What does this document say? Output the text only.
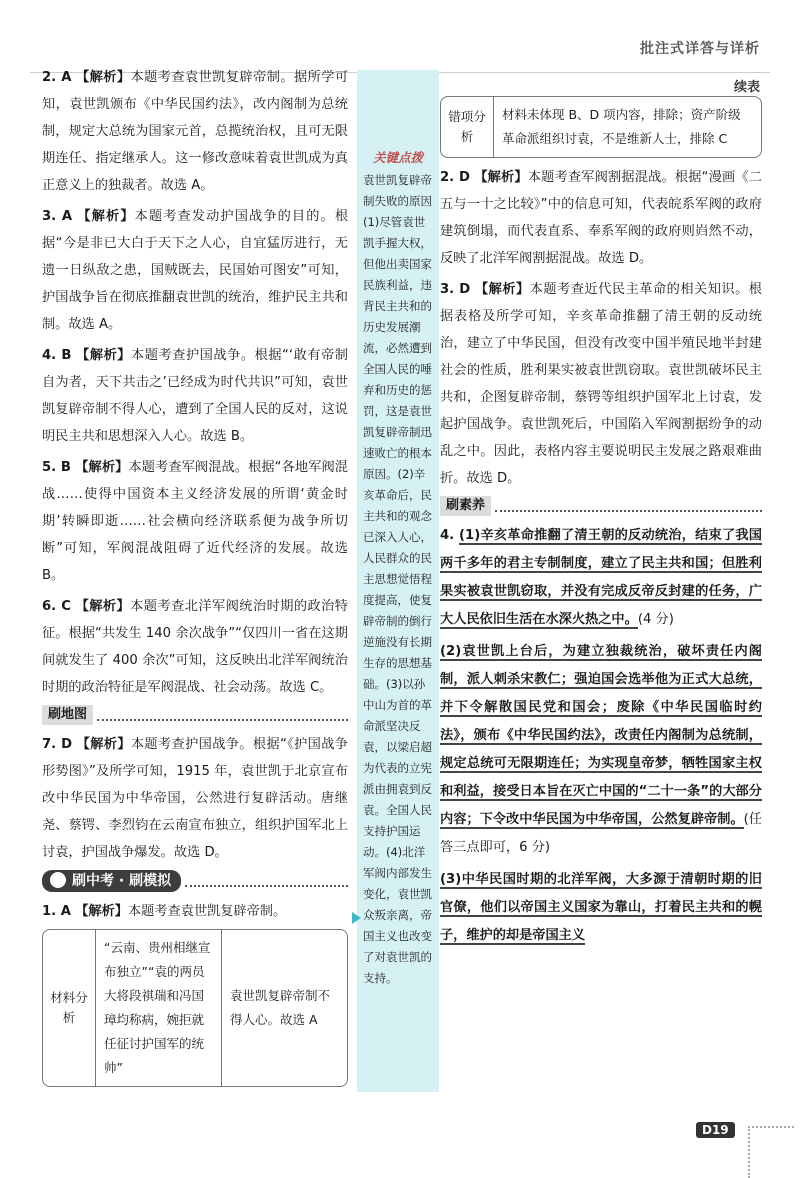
批注式详答与详析
续表

2. A 【解析】本题考查袁世凯复辟帝制。据所学可知，袁世凯颁布《中华民国约法》，改内阁制为总统制，规定大总统为国家元首，总揽统治权，且可无限期连任、指定继承人。这一修改意味着袁世凯成为真正意义上的独裁者。故选 A。

3. A 【解析】本题考查发动护国战争的目的。根据“今是非已大白于天下之人心，自宜猛厉进行，无遗一日纵敌之患，国贼既去，民国始可图安”可知，护国战争旨在彻底推翻袁世凯的统治，维护民主共和制。故选 A。

4. B 【解析】本题考查护国战争。根据“‘敢有帝制自为者，天下共击之’已经成为时代共识”可知，袁世凯复辟帝制不得人心，遭到了全国人民的反对，这说明民主共和思想深入人心。故选 B。

5. B 【解析】本题考查军阀混战。根据“各地军阀混战……使得中国资本主义经济发展的所谓‘黄金时期’转瞬即逝……社会横向经济联系便为战争所切断”可知，军阀混战阻碍了近代经济的发展。故选 B。

6. C 【解析】本题考查北洋军阀统治时期的政治特征。根据“共发生 140 余次战争”“仅四川一省在这期间就发生了 400 余次”可知，这反映出北洋军阀统治时期的政治特征是军阀混战、社会动荡。故选 C。

刷地图

7. D 【解析】本题考查护国战争。根据“《护国战争形势图》”及所学可知，1915 年，袁世凯于北京宣布改中华民国为中华帝国，公然进行复辟活动。唐继尧、蔡锷、李烈钧在云南宣布独立，组织护国军北上讨袁，护国战争爆发。故选 D。

刷中考 · 刷模拟

1. A 【解析】本题考查袁世凯复辟帝制。

材料分析
“云南、贵州相继宣布独立”“袁的两员大将段祺瑞和冯国璋均称病，婉拒就任征讨护国军的统帅”
袁世凯复辟帝制不得人心。故选 A
关键点拨
袁世凯复辟帝制失败的原因(1)尽管袁世凯手握大权，但他出卖国家民族利益，违背民主共和的历史发展潮流，必然遭到全国人民的唾弃和历史的惩罚，这是袁世凯复辟帝制迅速败亡的根本原因。(2)辛亥革命后，民主共和的观念已深入人心，人民群众的民主思想觉悟程度提高，使复辟帝制的倒行逆施没有长期生存的思想基础。(3)以孙中山为首的革命派坚决反袁，以梁启超为代表的立宪派由拥袁到反袁。全国人民支持护国运动。(4)北洋军阀内部发生变化，袁世凯众叛亲离，帝国主义也改变了对袁世凯的支持。
错项分析
材料未体现 B、D 项内容，排除；资产阶级革命派组织讨袁，不是维新人士，排除 C

2. D 【解析】本题考查军阀割据混战。根据“漫画《二五与一十之比较》”中的信息可知，代表皖系军阀的政府建筑倒塌，而代表直系、奉系军阀的政府则岿然不动，反映了北洋军阀割据混战。故选 D。

3. D 【解析】本题考查近代民主革命的相关知识。根据表格及所学可知，辛亥革命推翻了清王朝的反动统治，建立了中华民国，但没有改变中国半殖民地半封建社会的性质，胜利果实被袁世凯窃取。袁世凯破坏民主共和，企图复辟帝制，蔡锷等组织护国军北上讨袁，发起护国战争。袁世凯死后，中国陷入军阀割据纷争的动乱之中。因此，表格内容主要说明民主发展之路艰难曲折。故选 D。

刷素养

4. (1)辛亥革命推翻了清王朝的反动统治，结束了我国两千多年的君主专制制度，建立了民主共和国；但胜利果实被袁世凯窃取，并没有完成反帝反封建的任务，广大人民依旧生活在水深火热之中。(4 分)

(2)袁世凯上台后，为建立独裁统治，破坏责任内阁制，派人刺杀宋教仁；强迫国会选举他为正式大总统，并下令解散国民党和国会；废除《中华民国临时约法》，颁布《中华民国约法》，改责任内阁制为总统制，规定总统可无限期连任；为实现皇帝梦，牺牲国家主权和利益，接受日本旨在灭亡中国的“二十一条”的大部分内容；下令改中华民国为中华帝国，公然复辟帝制。(任答三点即可，6 分)

(3)中华民国时期的北洋军阀，大多源于清朝时期的旧官僚，他们以帝国主义国家为靠山，打着民主共和的幌子，维护的却是帝国主义

D19
